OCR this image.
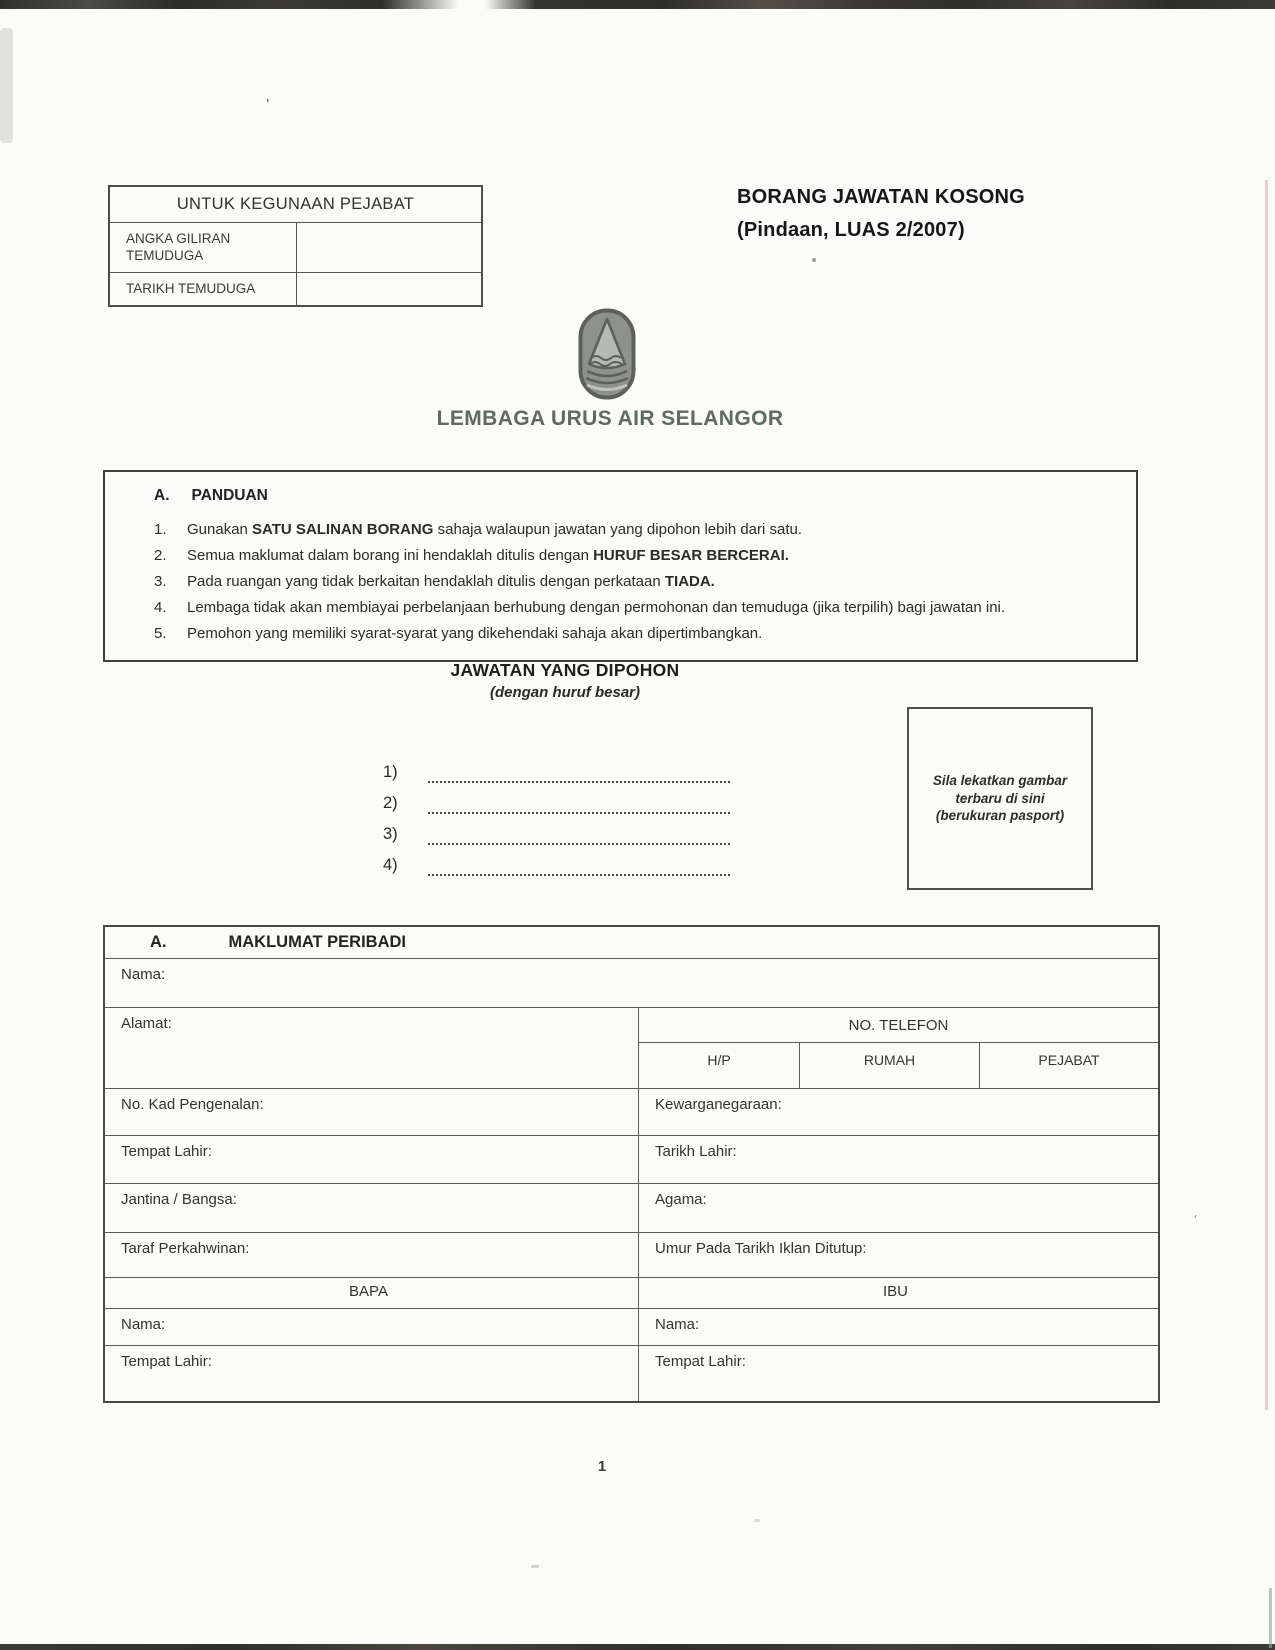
’
’
UNTUK KEGUNAAN PEJABAT
ANGKA GILIRAN
TEMUDUGA
TARIKH TEMUDUGA
BORANG JAWATAN KOSONG
(Pindaan, LUAS 2/2007)
LEMBAGA URUS AIR SELANGOR
A. PANDUAN
1.	Gunakan SATU SALINAN BORANG sahaja walaupun jawatan yang dipohon lebih dari satu.
2.	Semua maklumat dalam borang ini hendaklah ditulis dengan HURUF BESAR BERCERAI.
3.	Pada ruangan yang tidak berkaitan hendaklah ditulis dengan perkataan TIADA.
4.	Lembaga tidak akan membiayai perbelanjaan berhubung dengan permohonan dan temuduga (jika terpilih) bagi jawatan ini.
5.	Pemohon yang memiliki syarat-syarat yang dikehendaki sahaja akan dipertimbangkan.
JAWATAN YANG DIPOHON
(dengan huruf besar)
1)
2)
3)
4)
Sila lekatkan gambar
terbaru di sini
(berukuran pasport)
A.	MAKLUMAT PERIBADI
Nama:
Alamat:	NO. TELEFON
H/P	RUMAH	PEJABAT
No. Kad Pengenalan:	Kewarganegaraan:
Tempat Lahir:	Tarikh Lahir:
Jantina / Bangsa:	Agama:
Taraf Perkahwinan:	Umur Pada Tarikh Iklan Ditutup:
BAPA	IBU
Nama:	Nama:
Tempat Lahir:	Tempat Lahir:
1
